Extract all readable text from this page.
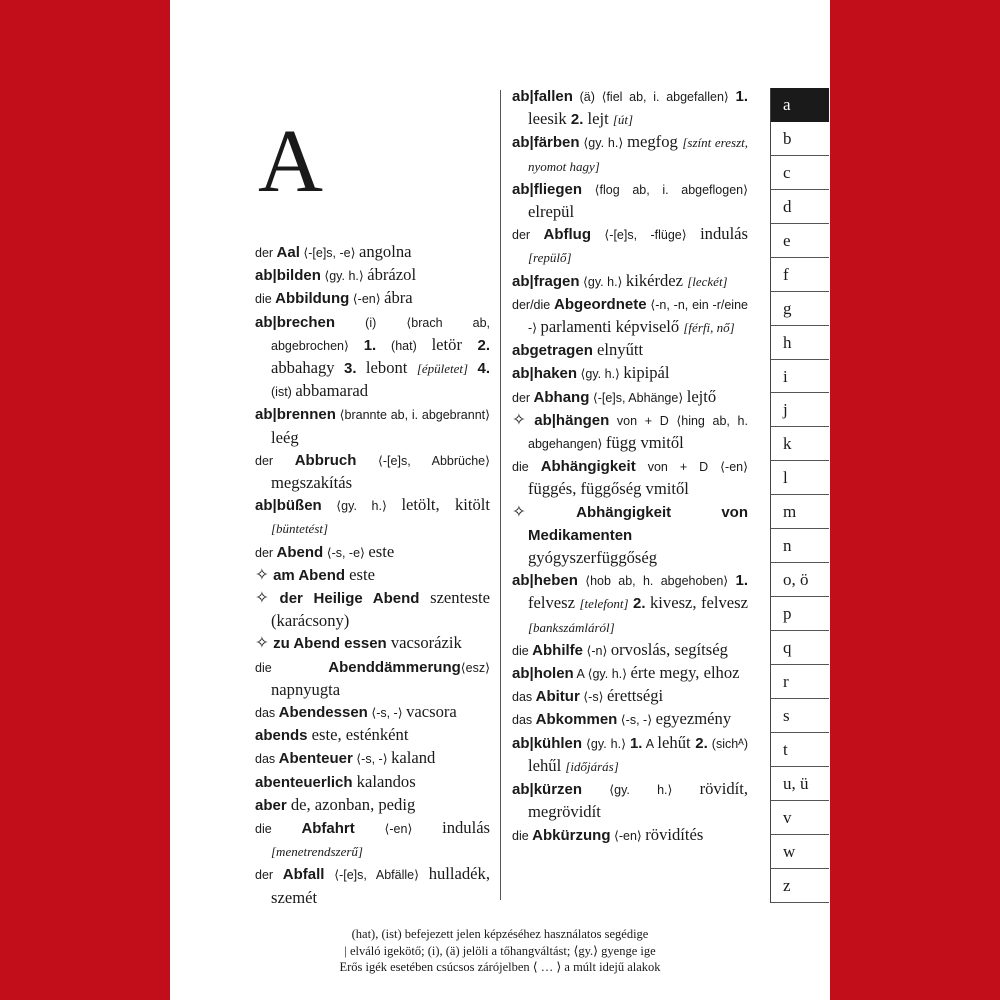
A
der Aal ⟨-[e]s, -e⟩ angolna
ab|bilden ⟨gy. h.⟩ ábrázol
die Abbildung ⟨-en⟩ ábra
ab|brechen (i) ⟨brach ab, abgebrochen⟩ 1. (hat) letör 2. abbahagy 3. lebont [épületet] 4. (ist) abbamarad
ab|brennen ⟨brannte ab, i. abgebrannt⟩ leég
der Abbruch ⟨-[e]s, Abbrüche⟩ megszakítás
ab|büßen ⟨gy. h.⟩ letölt, kitölt [büntetést]
der Abend ⟨-s, -e⟩ este
✧ am Abend este
✧ der Heilige Abend szenteste (karácsony)
✧ zu Abend essen vacsorázik
die Abenddämmerung⟨esz⟩ napnyugta
das Abendessen ⟨-s, -⟩ vacsora
abends este, esténként
das Abenteuer ⟨-s, -⟩ kaland
abenteuerlich kalandos
aber de, azonban, pedig
die Abfahrt ⟨-en⟩ indulás [menetrendszerű]
der Abfall ⟨-[e]s, Abfälle⟩ hulladék, szemét
ab|fallen (ä) ⟨fiel ab, i. abgefallen⟩ 1. leesik 2. lejt [út]
ab|färben ⟨gy. h.⟩ megfog [színt ereszt, nyomot hagy]
ab|fliegen ⟨flog ab, i. abgeflogen⟩ elrepül
der Abflug ⟨-[e]s, -flüge⟩ indulás [repülő]
ab|fragen ⟨gy. h.⟩ kikérdez [leckét]
der/die Abgeordnete ⟨-n, -n, ein -r/eine -⟩ parlamenti képviselő [férfi, nő]
abgetragen elnyűtt
ab|haken ⟨gy. h.⟩ kipipál
der Abhang ⟨-[e]s, Abhänge⟩ lejtő
✧ ab|hängen von + D ⟨hing ab, h. abgehangen⟩ függ vmitől
die Abhängigkeit von + D ⟨-en⟩ függés, függőség vmitől
✧ Abhängigkeit von Medikamenten gyógyszerfüggőség
ab|heben ⟨hob ab, h. abgehoben⟩ 1. felvesz [telefont] 2. kivesz, felvesz [bankszámláról]
die Abhilfe ⟨-n⟩ orvoslás, segítség
ab|holen A ⟨gy. h.⟩ érte megy, elhoz
das Abitur ⟨-s⟩ érettségi
das Abkommen ⟨-s, -⟩ egyezmény
ab|kühlen ⟨gy. h.⟩ 1. A lehűt 2. (sichᴬ) lehűl [időjárás]
ab|kürzen ⟨gy. h.⟩ rövidít, megrövidít
die Abkürzung ⟨-en⟩ rövidítés
(hat), (ist) befejezett jelen képzéséhez használatos segédige
| elváló igekötő; (i), (ä) jelöli a tőhangváltást; ⟨gy.⟩ gyenge ige
Erős igék esetében csúcsos zárójelben ⟨ … ⟩ a múlt idejű alakok
a
b
c
d
e
f
g
h
i
j
k
l
m
n
o, ö
p
q
r
s
t
u, ü
v
w
z
